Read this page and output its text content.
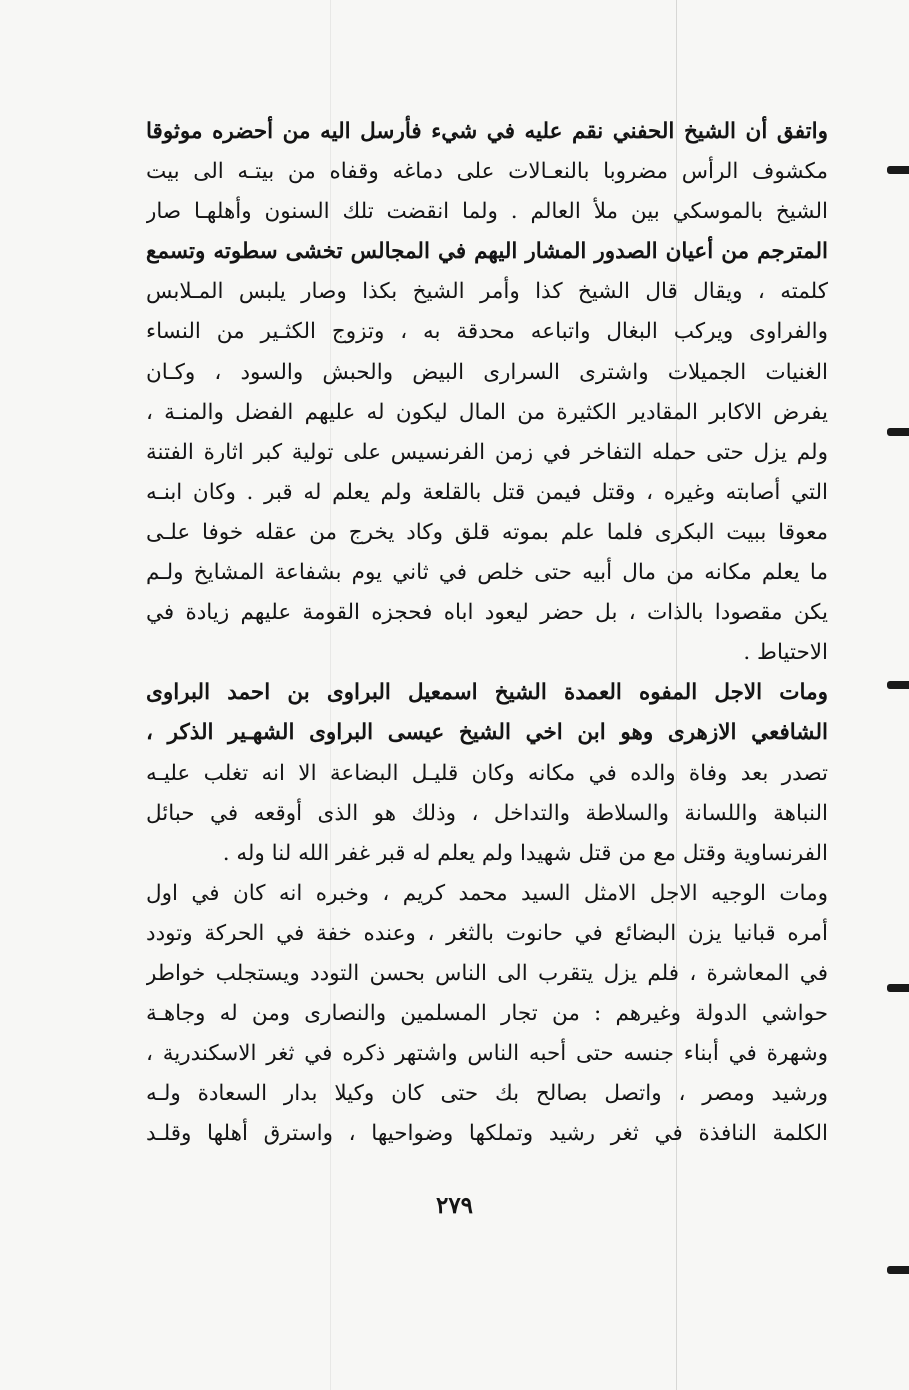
واتفق أن الشيخ الحفني نقم عليه في شيء فأرسل اليه من أحضره موثوقا
مكشوف الرأس مضروبا بالنعـالات على دماغه وقفاه من بيتـه الى بيت
الشيخ بالموسكي بين ملأ العالم . ولما انقضت تلك السنون وأهلهـا صار
المترجم من أعيان الصدور المشار اليهم في المجالس تخشى سطوته وتسمع
كلمته ، ويقال قال الشيخ كذا وأمر الشيخ بكذا وصار يلبس المـلابس
والفراوى ويركب البغال واتباعه محدقة به ، وتزوج الكثـير من النساء
الغنيات الجميلات واشترى السرارى البيض والحبش والسود ، وكـان
يفرض الاكابر المقادير الكثيرة من المال ليكون له عليهم الفضل والمنـة ،
ولم يزل حتى حمله التفاخر في زمن الفرنسيس على تولية كبر اثارة الفتنة
التي أصابته وغيره ، وقتل فيمن قتل بالقلعة ولم يعلم له قبر . وكان ابنـه
معوقا ببيت البكرى فلما علم بموته قلق وكاد يخرج من عقله خوفا علـى
ما يعلم مكانه من مال أبيه حتى خلص في ثاني يوم بشفاعة المشايخ ولـم
يكن مقصودا بالذات ، بل حضر ليعود اباه فحجزه القومة عليهم زيادة في
الاحتياط .
ومات الاجل المفوه العمدة الشيخ اسمعيل البراوى بن احمد البراوى
الشافعي الازهرى وهو ابن اخي الشيخ عيسى البراوى الشهـير الذكر ،
تصدر بعد وفاة والده في مكانه وكان قليـل البضاعة الا انه تغلب عليـه
النباهة واللسانة والسلاطة والتداخل ، وذلك هو الذى أوقعه في حبائل
الفرنساوية وقتل مع من قتل شهيدا ولم يعلم له قبر غفر الله لنا وله .
ومات الوجيه الاجل الامثل السيد محمد كريم ، وخبره انه كان في اول
أمره قبانيا يزن البضائع في حانوت بالثغر ، وعنده خفة في الحركة وتودد
في المعاشرة ، فلم يزل يتقرب الى الناس بحسن التودد ويستجلب خواطر
حواشي الدولة وغيرهم : من تجار المسلمين والنصارى ومن له وجاهـة
وشهرة في أبناء جنسه حتى أحبه الناس واشتهر ذكره في ثغر الاسكندرية ،
ورشيد ومصر ، واتصل بصالح بك حتى كان وكيلا بدار السعادة ولـه
الكلمة النافذة في ثغر رشيد وتملكها وضواحيها ، واسترق أهلها وقلـد
٢٧٩
